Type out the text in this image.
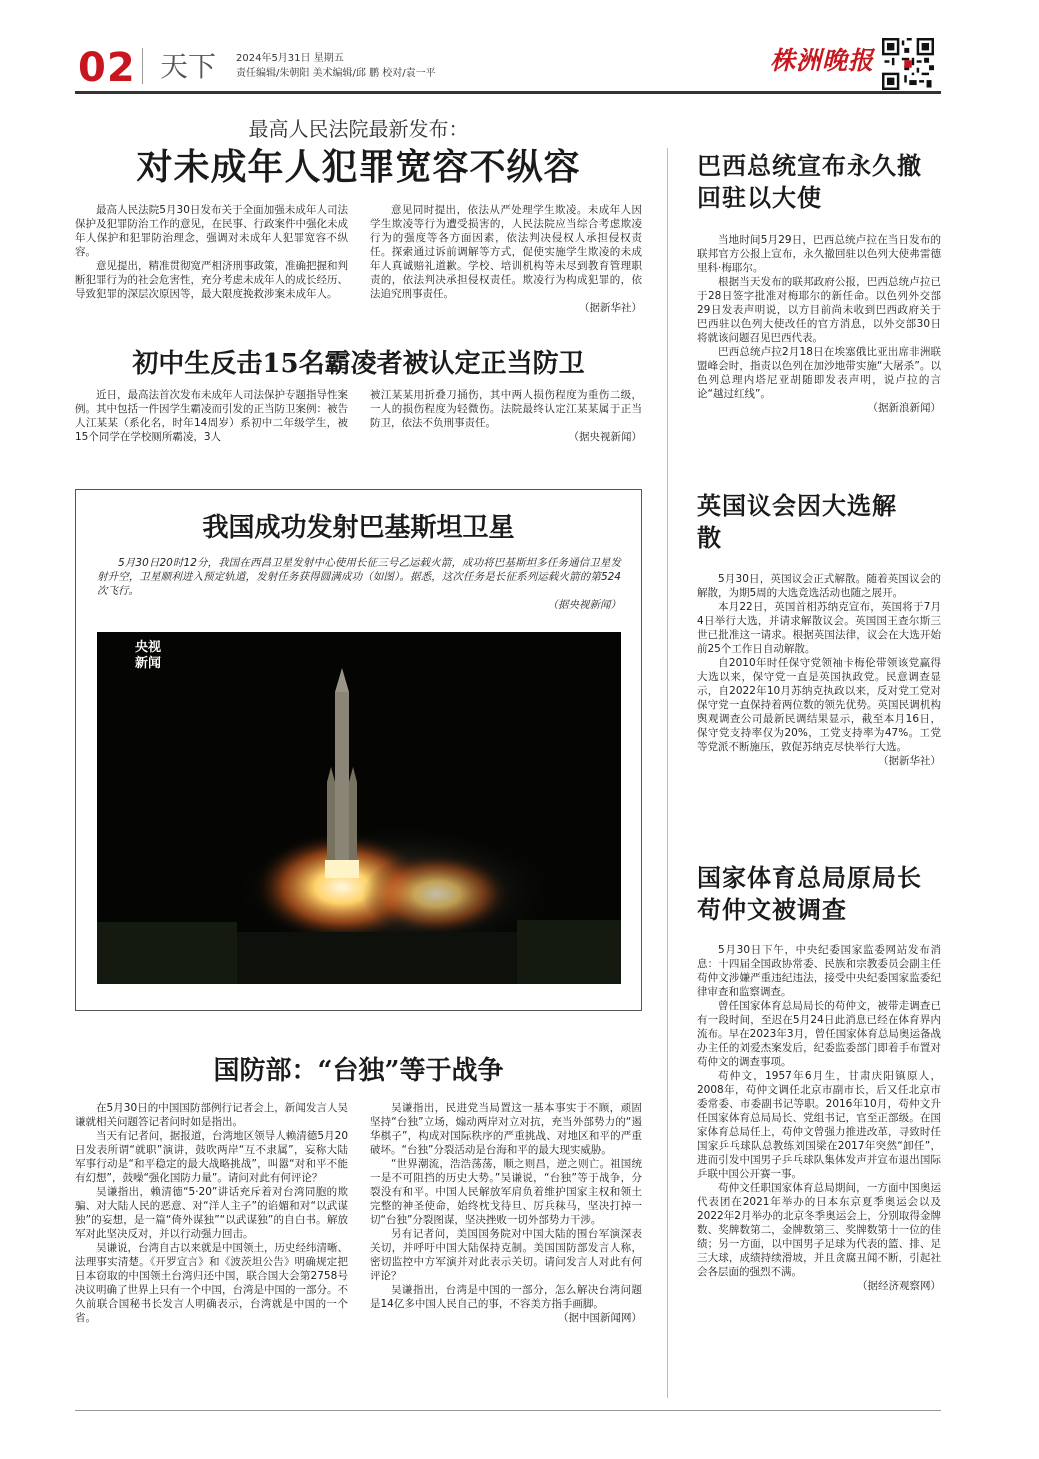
02 天下 2024年5月31日 星期五
责任编辑/朱朝阳 美术编辑/邱 鹏 校对/袁一平	株洲晚报
最高人民法院最新发布：
对未成年人犯罪宽容不纵容

最高人民法院5月30日发布关于全面加强未成年人司法保护及犯罪防治工作的意见，在民事、行政案件中强化未成年人保护和犯罪防治理念，强调对未成年人犯罪宽容不纵容。

意见提出，精准贯彻宽严相济刑事政策，准确把握和判断犯罪行为的社会危害性，充分考虑未成年人的成长经历、导致犯罪的深层次原因等，最大限度挽救涉案未成年人。

意见同时提出，依法从严处理学生欺凌。未成年人因学生欺凌等行为遭受损害的，人民法院应当综合考虑欺凌行为的强度等各方面因素，依法判决侵权人承担侵权责任。探索通过诉前调解等方式，促使实施学生欺凌的未成年人真诚赔礼道歉。学校、培训机构等未尽到教育管理职责的，依法判决承担侵权责任。欺凌行为构成犯罪的，依法追究刑事责任。

（据新华社）
初中生反击15名霸凌者被认定正当防卫

近日，最高法首次发布未成年人司法保护专题指导性案例。其中包括一件因学生霸凌而引发的正当防卫案例：被告人江某某（系化名，时年14周岁）系初中二年级学生，被15个同学在学校厕所霸凌，3人

被江某某用折叠刀捅伤，其中两人损伤程度为重伤二级，一人的损伤程度为轻微伤。法院最终认定江某某属于正当防卫，依法不负刑事责任。

（据央视新闻）
我国成功发射巴基斯坦卫星

5月30日20时12分，我国在西昌卫星发射中心使用长征三号乙运载火箭，成功将巴基斯坦多任务通信卫星发射升空，卫星顺利进入预定轨道，发射任务获得圆满成功（如图）。据悉，这次任务是长征系列运载火箭的第524次飞行。

（据央视新闻）
央视
新闻
国防部：“台独”等于战争

在5月30日的中国国防部例行记者会上，新闻发言人吴谦就相关问题答记者问时如是指出。

当天有记者问，据报道，台湾地区领导人赖清德5月20日发表所谓“就职”演讲，鼓吹两岸“互不隶属”，妄称大陆军事行动是“和平稳定的最大战略挑战”，叫嚣“对和平不能有幻想”，鼓噪“强化国防力量”。请问对此有何评论？

吴谦指出，赖清德“5·20”讲话充斥着对台湾同胞的欺骗、对大陆人民的恶意、对“洋人主子”的谄媚和对“以武谋独”的妄想，是一篇“倚外谋独”“以武谋独”的自白书。解放军对此坚决反对，并以行动强力回击。

吴谦说，台湾自古以来就是中国领土，历史经纬清晰、法理事实清楚。《开罗宣言》和《波茨坦公告》明确规定把日本窃取的中国领土台湾归还中国，联合国大会第2758号决议明确了世界上只有一个中国，台湾是中国的一部分。不久前联合国秘书长发言人明确表示，台湾就是中国的一个省。

吴谦指出，民进党当局置这一基本事实于不顾，顽固坚持“台独”立场，煽动两岸对立对抗，充当外部势力的“遏华棋子”，构成对国际秩序的严重挑战、对地区和平的严重破坏。“台独”分裂活动是台海和平的最大现实威胁。

“世界潮流，浩浩荡荡，顺之则昌，逆之则亡。祖国统一是不可阻挡的历史大势。”吴谦说，“台独”等于战争，分裂没有和平。中国人民解放军肩负着维护国家主权和领土完整的神圣使命，始终枕戈待旦、厉兵秣马，坚决打掉一切“台独”分裂图谋，坚决挫败一切外部势力干涉。

另有记者问，美国国务院对中国大陆的围台军演深表关切，并呼吁中国大陆保持克制。美国国防部发言人称，密切监控中方军演并对此表示关切。请问发言人对此有何评论？

吴谦指出，台湾是中国的一部分，怎么解决台湾问题是14亿多中国人民自己的事，不容美方指手画脚。

（据中国新闻网）
巴西总统宣布永久撤回驻以大使

当地时间5月29日，巴西总统卢拉在当日发布的联邦官方公报上宣布，永久撤回驻以色列大使弗雷德里科·梅耶尔。

根据当天发布的联邦政府公报，巴西总统卢拉已于28日签字批准对梅耶尔的新任命。以色列外交部29日发表声明说，以方目前尚未收到巴西政府关于巴西驻以色列大使改任的官方消息，以外交部30日将就该问题召见巴西代表。

巴西总统卢拉2月18日在埃塞俄比亚出席非洲联盟峰会时，指责以色列在加沙地带实施“大屠杀”。以色列总理内塔尼亚胡随即发表声明，说卢拉的言论“越过红线”。

（据新浪新闻）
英国议会因大选解散

5月30日，英国议会正式解散。随着英国议会的解散，为期5周的大选竞选活动也随之展开。

本月22日，英国首相苏纳克宣布，英国将于7月4日举行大选，并请求解散议会。英国国王查尔斯三世已批准这一请求。根据英国法律，议会在大选开始前25个工作日自动解散。

自2010年时任保守党领袖卡梅伦带领该党赢得大选以来，保守党一直是英国执政党。民意调查显示，自2022年10月苏纳克执政以来，反对党工党对保守党一直保持着两位数的领先优势。英国民调机构舆观调查公司最新民调结果显示，截至本月16日，保守党支持率仅为20%，工党支持率为47%。工党等党派不断施压，敦促苏纳克尽快举行大选。

（据新华社）
国家体育总局原局长苟仲文被调查

5月30日下午，中央纪委国家监委网站发布消息：十四届全国政协常委、民族和宗教委员会副主任苟仲文涉嫌严重违纪违法，接受中央纪委国家监委纪律审查和监察调查。

曾任国家体育总局局长的苟仲文，被带走调查已有一段时间，至迟在5月24日此消息已经在体育界内流布。早在2023年3月，曾任国家体育总局奥运备战办主任的刘爱杰案发后，纪委监委部门即着手布置对苟仲文的调查事项。

苟仲文，1957年6月生，甘肃庆阳镇原人，2008年，苟仲文调任北京市副市长，后又任北京市委常委、市委副书记等职。2016年10月，苟仲文升任国家体育总局局长、党组书记，官至正部级。在国家体育总局任上，苟仲文曾强力推进改革，寻致时任国家乒乓球队总教练刘国梁在2017年突然“卸任”，进而引发中国男子乒乓球队集体发声并宣布退出国际乒联中国公开赛一事。

苟仲文任职国家体育总局期间，一方面中国奥运代表团在2021年举办的日本东京夏季奥运会以及2022年2月举办的北京冬季奥运会上，分别取得金牌数、奖牌数第二，金牌数第三、奖牌数第十一位的佳绩；另一方面，以中国男子足球为代表的篮、排、足三大球，成绩持续滑坡，并且贪腐丑闻不断，引起社会各层面的强烈不满。

（据经济观察网）
